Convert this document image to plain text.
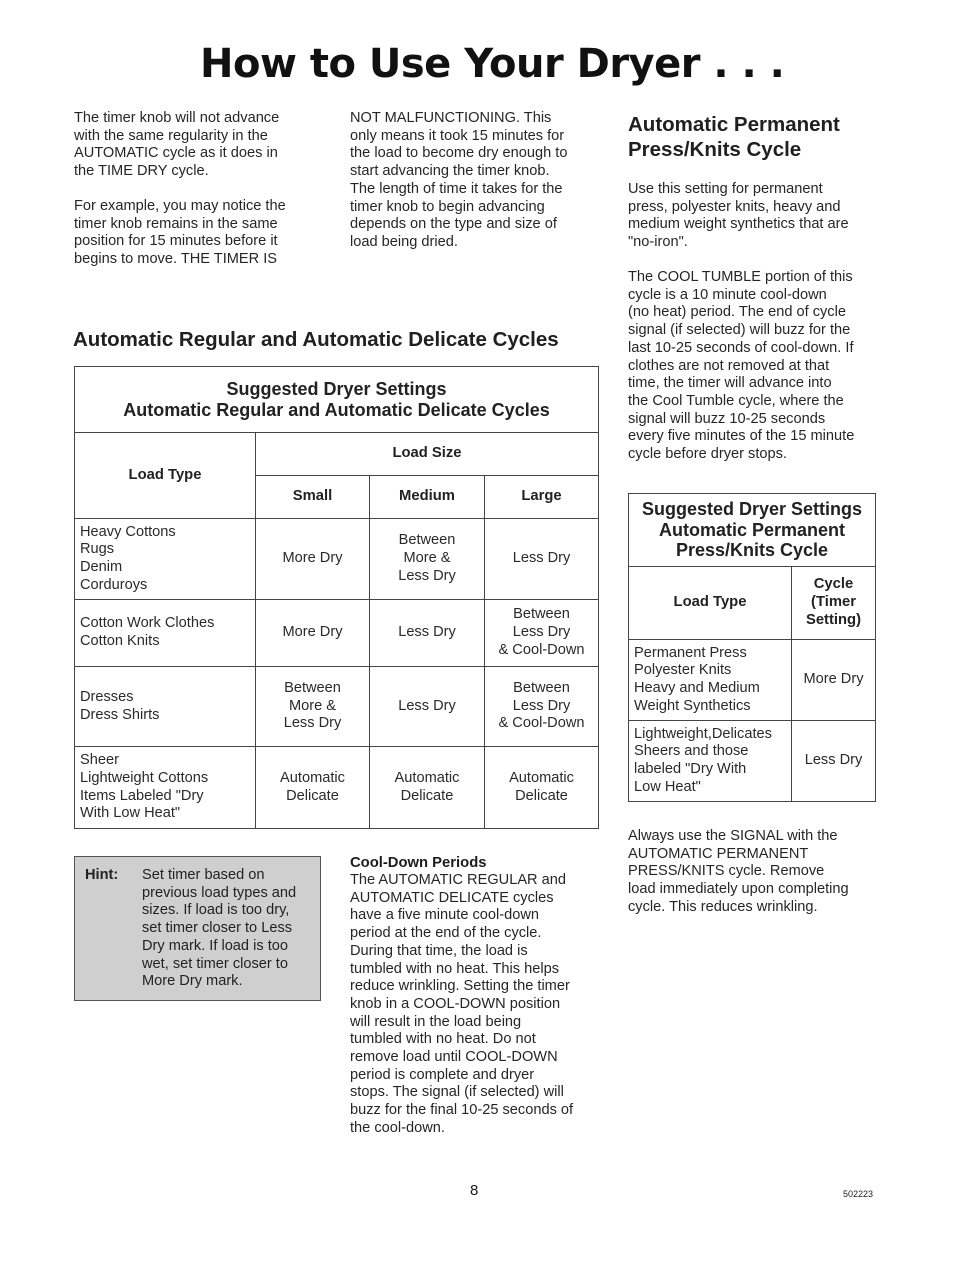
How to Use Your Dryer . . .

The timer knob will not advance
with the same regularity in the
AUTOMATIC cycle as it does in
the TIME DRY cycle.

For example, you may notice the
timer knob remains in the same
position for 15 minutes before it
begins to move. THE TIMER IS

NOT MALFUNCTIONING. This
only means it took 15 minutes for
the load to become dry enough to
start advancing the timer knob.
The length of time it takes for the
timer knob to begin advancing
depends on the type and size of
load being dried.

Automatic Regular and Automatic Delicate Cycles
Suggested Dryer Settings
Automatic Regular and Automatic Delicate Cycles			

Load Type	Load Size		
	Small	Medium	Large

Heavy Cottons
Rugs
Denim
Corduroys	More Dry	Between
More &
Less Dry	Less Dry

Cotton Work Clothes
Cotton Knits	More Dry	Less Dry	Between
Less Dry
& Cool-Down

Dresses
Dress Shirts	Between
More &
Less Dry	Less Dry	Between
Less Dry
& Cool-Down

Sheer
Lightweight Cottons
Items Labeled "Dry
With Low Heat"	Automatic
Delicate	Automatic
Delicate	Automatic
Delicate
Hint: Set timer based on
previous load types and
sizes. If load is too dry,
set timer closer to Less
Dry mark. If load is too
wet, set timer closer to
More Dry mark.

Cool-Down Periods

The AUTOMATIC REGULAR and
AUTOMATIC DELICATE cycles
have a five minute cool-down
period at the end of the cycle.
During that time, the load is
tumbled with no heat. This helps
reduce wrinkling. Setting the timer
knob in a COOL-DOWN position
will result in the load being
tumbled with no heat. Do not
remove load until COOL-DOWN
period is complete and dryer
stops. The signal (if selected) will
buzz for the final 10-25 seconds of
the cool-down.

Automatic Permanent
Press/Knits Cycle

Use this setting for permanent
press, polyester knits, heavy and
medium weight synthetics that are
"no-iron".

The COOL TUMBLE portion of this
cycle is a 10 minute cool-down
(no heat) period. The end of cycle
signal (if selected) will buzz for the
last 10-25 seconds of cool-down. If
clothes are not removed at that
time, the timer will advance into
the Cool Tumble cycle, where the
signal will buzz 10-25 seconds
every five minutes of the 15 minute
cycle before dryer stops.

Suggested Dryer Settings
Automatic Permanent
Press/Knits Cycle	

Load Type	Cycle
(Timer
Setting)

Permanent Press
Polyester Knits
Heavy and Medium
Weight Synthetics	More Dry

Lightweight,Delicates
Sheers and those
labeled "Dry With
Low Heat"	Less Dry

Always use the SIGNAL with the
AUTOMATIC PERMANENT
PRESS/KNITS cycle. Remove
load immediately upon completing
cycle. This reduces wrinkling.

8	502223
